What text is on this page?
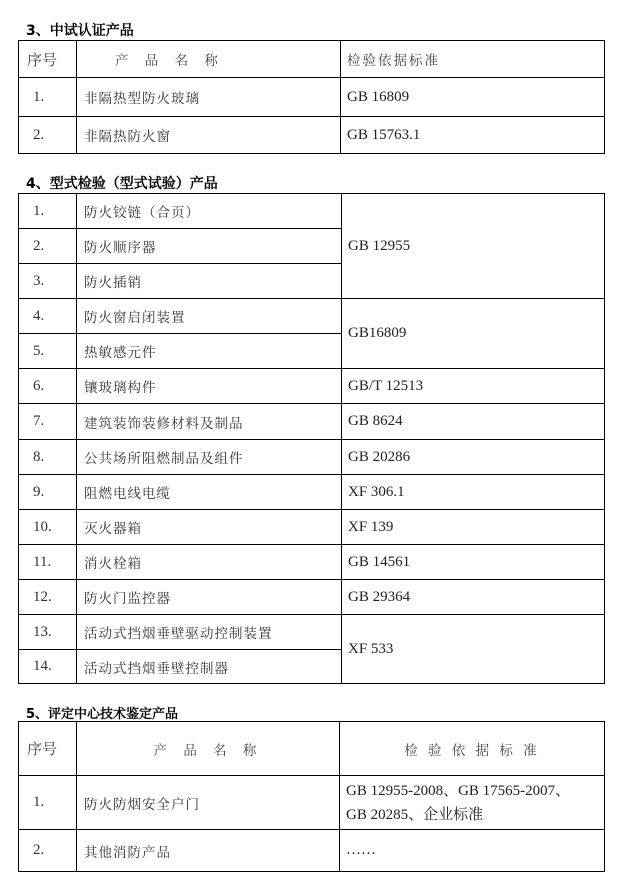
3、中试认证产品
序号	产 品 名 称	检验依据标准
1.	非隔热型防火玻璃	GB 16809
2.	非隔热防火窗	GB 15763.1
4、型式检验（型式试验）产品
1.	防火铰链（合页）	GB 12955
2.	防火顺序器	
3.	防火插销	
4.	防火窗启闭装置	GB16809
5.	热敏感元件	
6.	镶玻璃构件	GB/T 12513
7.	建筑装饰装修材料及制品	GB 8624
8.	公共场所阻燃制品及组件	GB 20286
9.	阻燃电线电缆	XF 306.1
10.	灭火器箱	XF 139
11.	消火栓箱	GB 14561
12.	防火门监控器	GB 29364
13.	活动式挡烟垂壁驱动控制装置	XF 533
14.	活动式挡烟垂壁控制器	
5、评定中心技术鉴定产品
序号	产 品 名 称	检 验 依 据 标 准
1.	防火防烟安全户门	GB 12955-2008、GB 17565-2007、
GB 20285、企业标准

2.	其他消防产品	……
